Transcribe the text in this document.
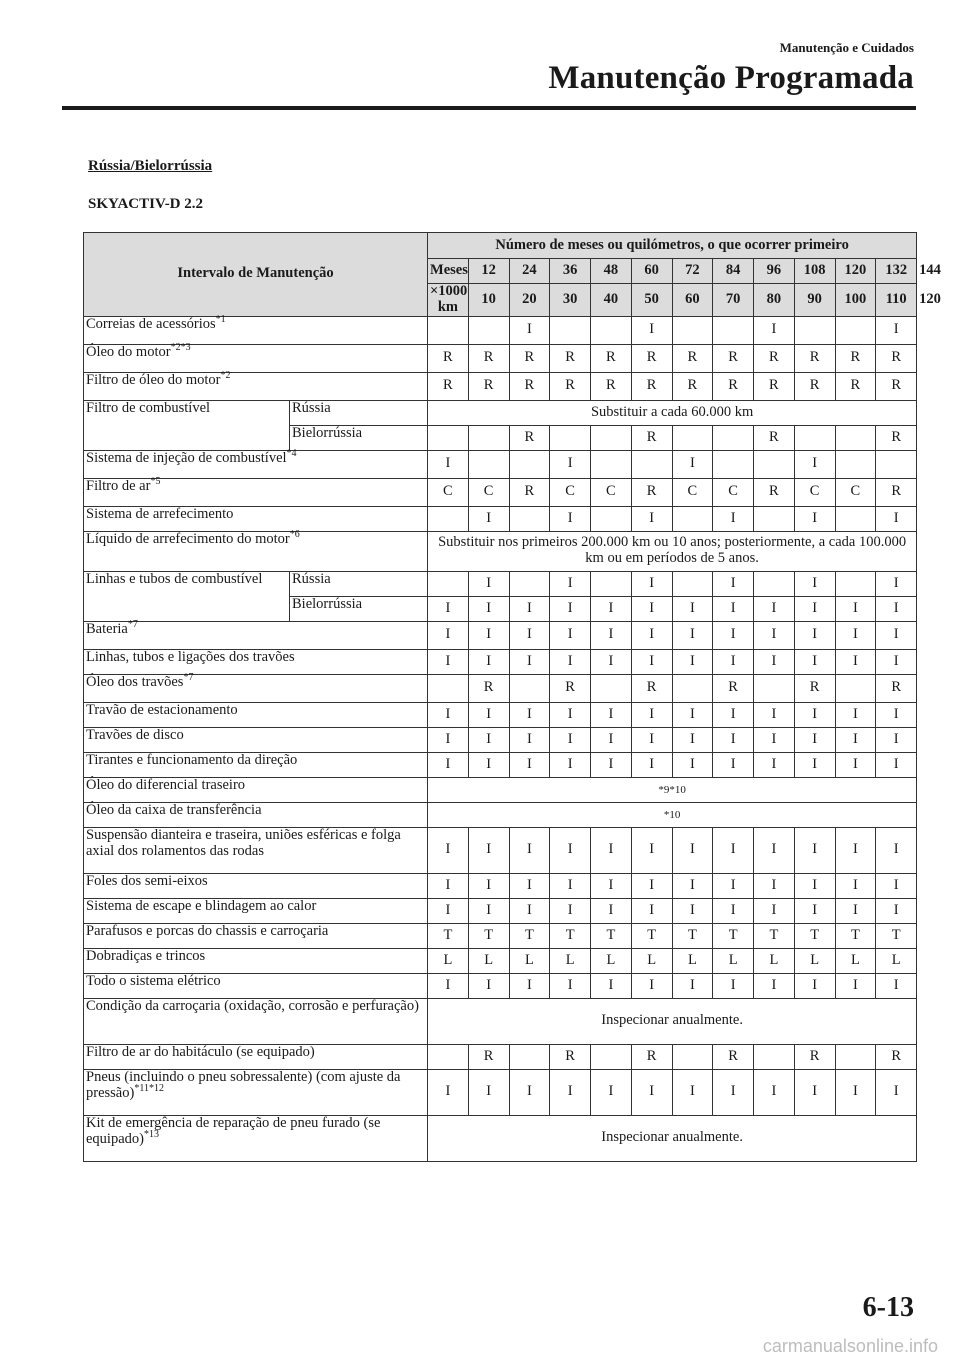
Manutenção e Cuidados
Manutenção Programada
Rússia/Bielorrússia
SKYACTIV-D 2.2
Intervalo de Manutenção		Número de meses ou quilómetros, o que ocorrer primeiro												
		Meses	12	24	36	48	60	72	84	96	108	120	132	144
		×1000 km	10	20	30	40	50	60	70	80	90	100	110	120
Correias de acessórios$^{*1}$				I			I			I			I	
Óleo do motor$^{*2*3}$		R	R	R	R	R	R	R	R	R	R	R	R	
Filtro de óleo do motor$^{*2}$		R	R	R	R	R	R	R	R	R	R	R	R	
Filtro de combustível	Rússia	Substituir a cada 60.000 km												
	Bielorrússia			R			R			R			R	
Sistema de injeção de combustível$^{*4}$		I			I			I			I			
Filtro de $ar^{*5}$		C	C	R	C	C	R	C	C	R	C	C	R	
Sistema de arrefecimento			I		I		I		I		I		I	
Líquido de arrefecimento do motor$^{*6}$		Substituir nos primeiros 200.000 km ou 10 anos; posteriormente, a cada 100.000 km ou em períodos de 5 anos.												
Linhas e tubos de combustível	Rússia		I		I		I		I		I		I	
	Bielorrússia	I	I	I	I	I	I	I	I	I	I	I	I	
Bateria$^{*7}$		I	I	I	I	I	I	I	I	I	I	I	I	
Linhas, tubos e ligações dos travões		I	I	I	I	I	I	I	I	I	I	I	I	
Óleo dos travões$^{*7}$			R		R		R		R		R		R	
Travão de estacionamento		I	I	I	I	I	I	I	I	I	I	I	I	
Travões de disco		I	I	I	I	I	I	I	I	I	I	I	I	
Tirantes e funcionamento da direção		I	I	I	I	I	I	I	I	I	I	I	I	
Óleo do diferencial traseiro		*9*10												
Óleo da caixa de transferência		*10												
Suspensão dianteira e traseira, uniões esféricas e folga axial dos rolamentos das rodas		I	I	I	I	I	I	I	I	I	I	I	I	
Foles dos semi-eixos		I	I	I	I	I	I	I	I	I	I	I	I	
Sistema de escape e blindagem ao calor		I	I	I	I	I	I	I	I	I	I	I	I	
Parafusos e porcas do chassis e carroçaria		T	T	T	T	T	T	T	T	T	T	T	T	
Dobradiças e trincos		L	L	L	L	L	L	L	L	L	L	L	L	
Todo o sistema elétrico		I	I	I	I	I	I	I	I	I	I	I	I	
Condição da carroçaria (oxidação, corrosão e perfuração)		Inspecionar anualmente.												
Filtro de ar do habitáculo (se equipado)			R		R		R		R		R		R	
Pneus (incluindo o pneu sobressalente) (com ajuste da pressão)$^{*11*12}$		I	I	I	I	I	I	I	I	I	I	I	I	
Kit de emergência de reparação de pneu furado (se equipado)$^{*13}$		Inspecionar anualmente.												
6-13
carmanualsonline.info
